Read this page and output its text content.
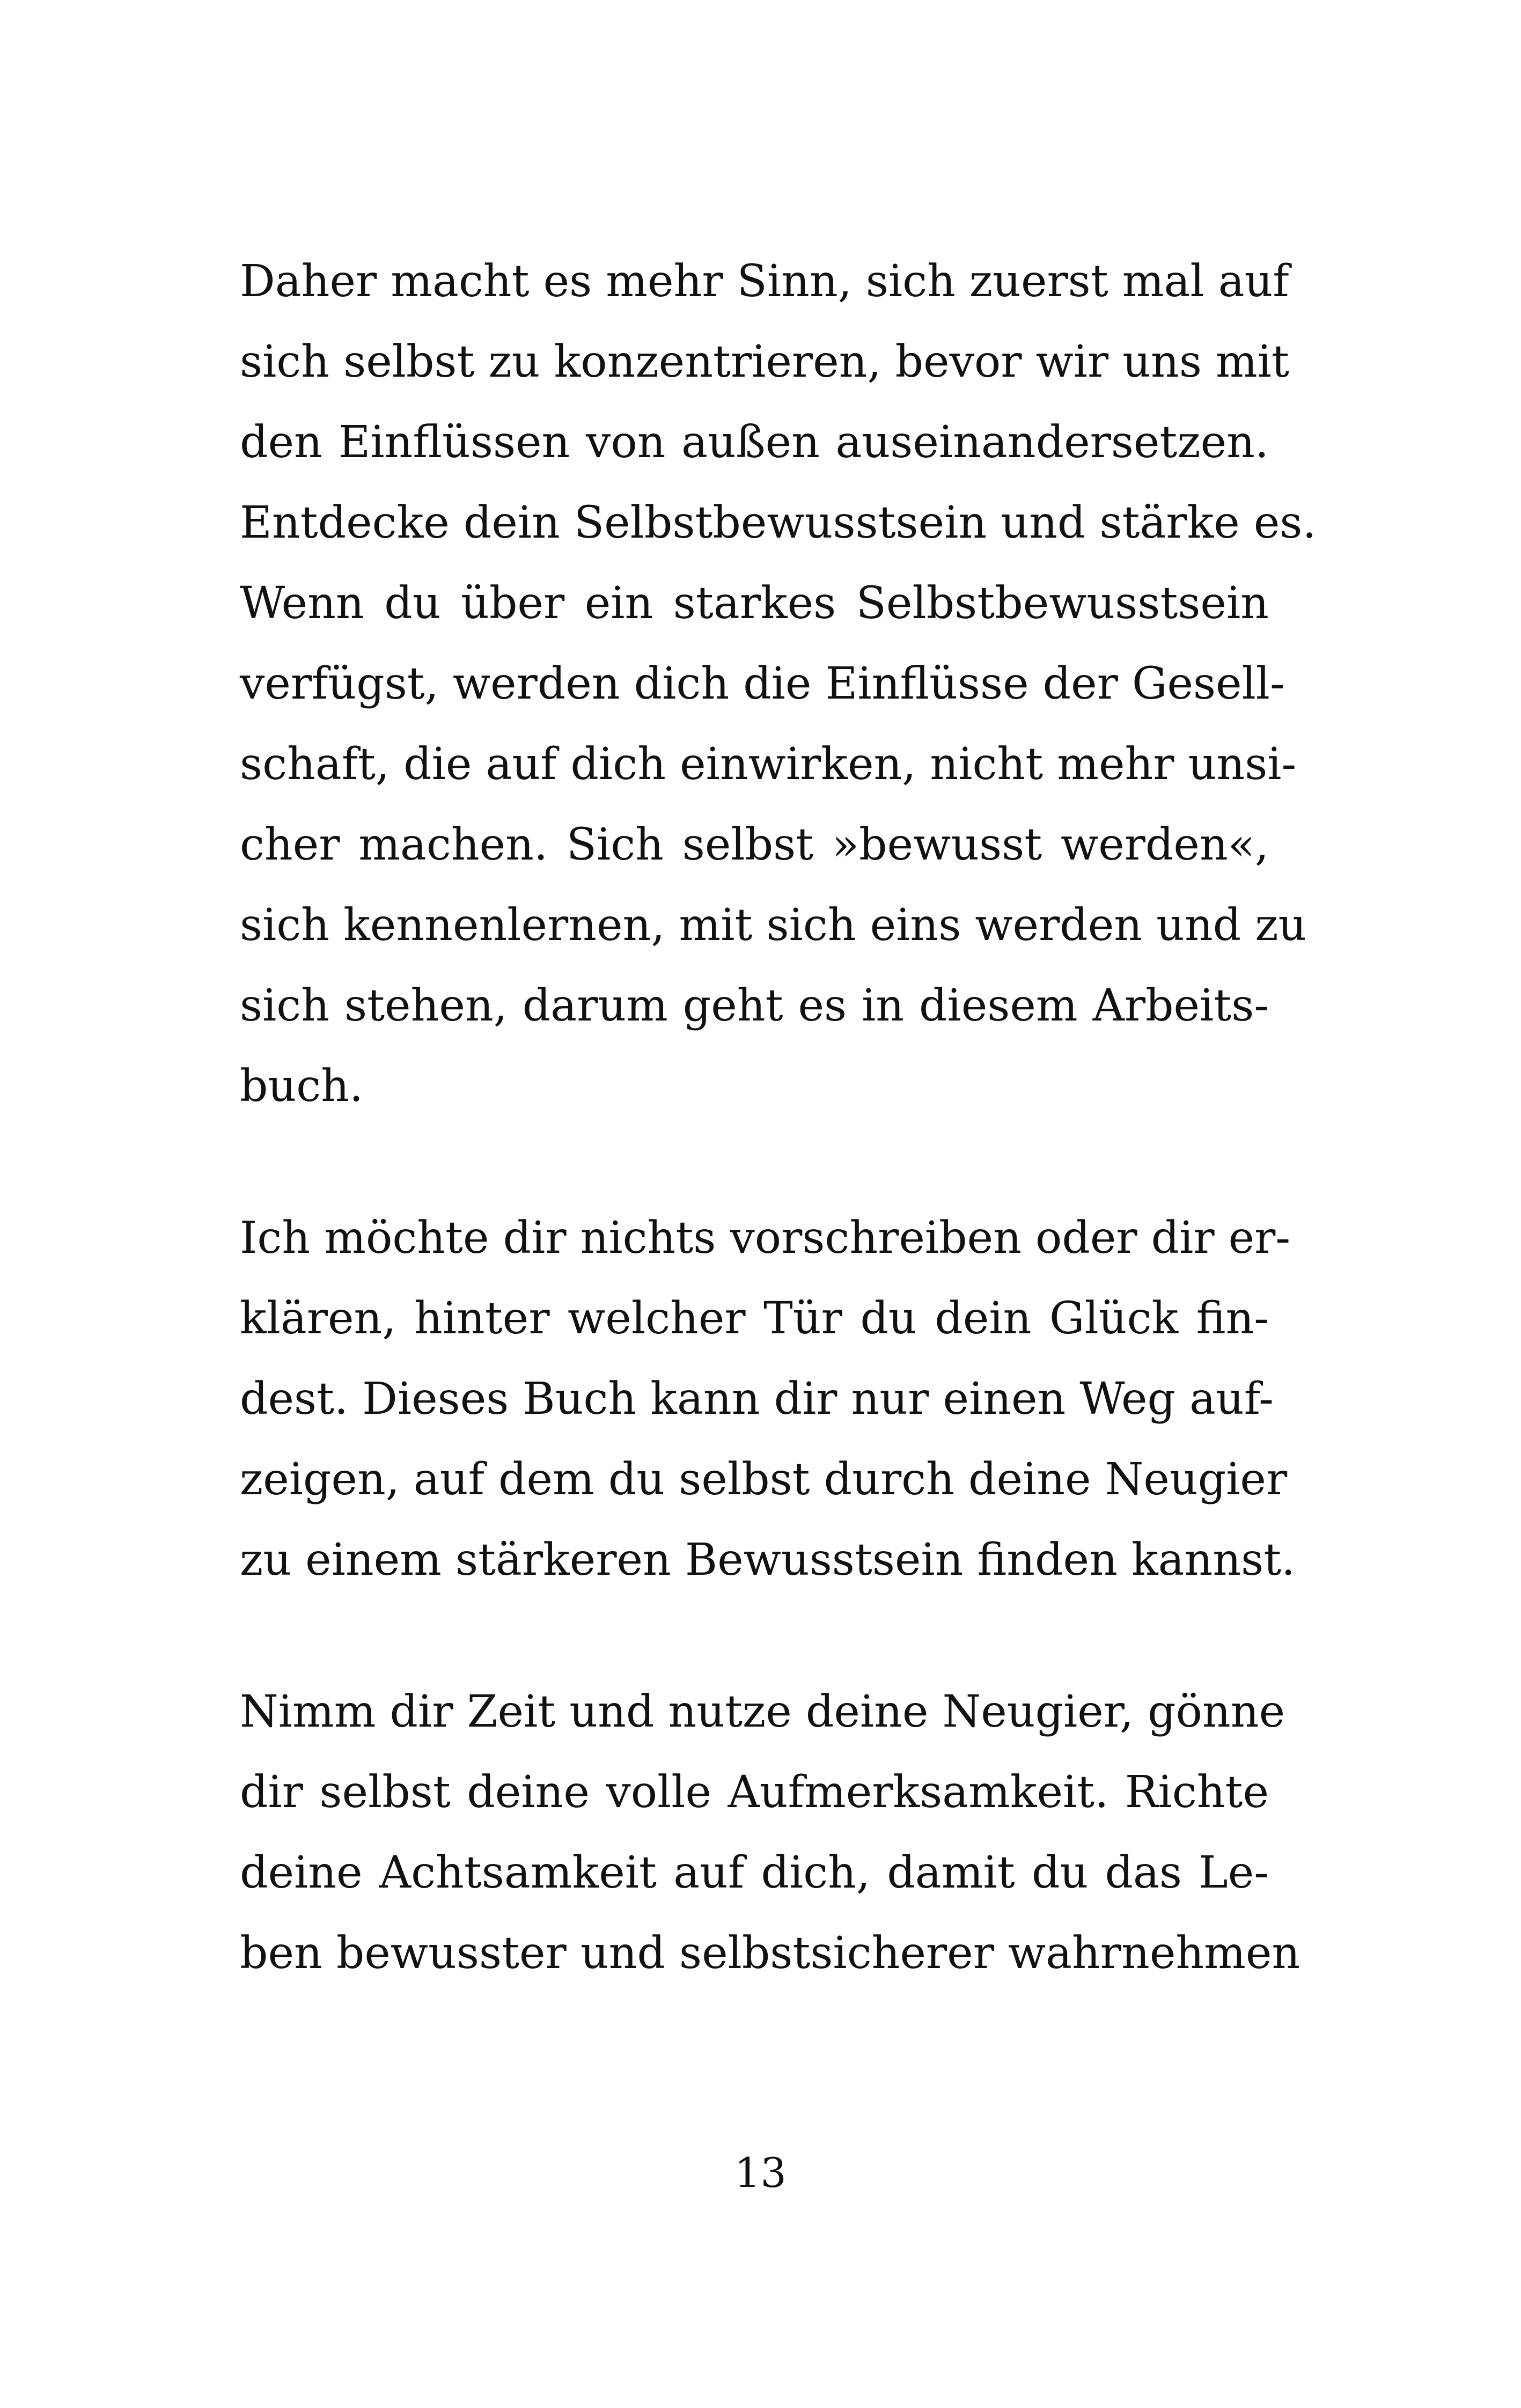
Daher macht es mehr Sinn, sich zuerst mal auf
sich selbst zu konzentrieren, bevor wir uns mit
den Einflüssen von außen auseinandersetzen.
Entdecke dein Selbstbewusstsein und stärke es.
Wenn du über ein starkes Selbstbewusstsein
verfügst, werden dich die Einflüsse der Gesell-
schaft, die auf dich einwirken, nicht mehr unsi-
cher machen. Sich selbst »bewusst werden«,
sich kennenlernen, mit sich eins werden und zu
sich stehen, darum geht es in diesem Arbeits-
buch.
Ich möchte dir nichts vorschreiben oder dir er-
klären, hinter welcher Tür du dein Glück fin-
dest. Dieses Buch kann dir nur einen Weg auf-
zeigen, auf dem du selbst durch deine Neugier
zu einem stärkeren Bewusstsein finden kannst.
Nimm dir Zeit und nutze deine Neugier, gönne
dir selbst deine volle Aufmerksamkeit. Richte
deine Achtsamkeit auf dich, damit du das Le-
ben bewusster und selbstsicherer wahrnehmen
13
